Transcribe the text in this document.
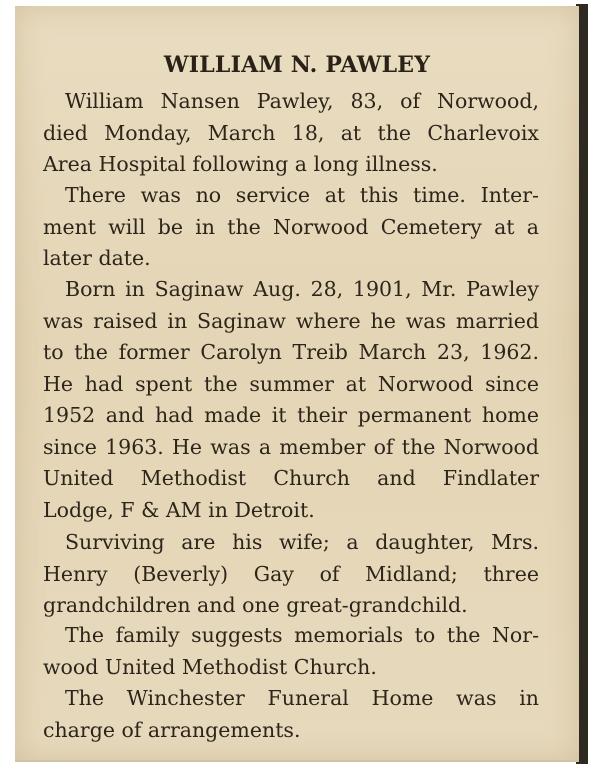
WILLIAM N. PAWLEY

William Nansen Pawley, 83, of Norwood,
died Monday, March 18, at the Charlevoix
Area Hospital following a long illness.

There was no service at this time. Inter-
ment will be in the Norwood Cemetery at a
later date.

Born in Saginaw Aug. 28, 1901, Mr. Pawley
was raised in Saginaw where he was married
to the former Carolyn Treib March 23, 1962.
He had spent the summer at Norwood since
1952 and had made it their permanent home
since 1963. He was a member of the Norwood
United Methodist Church and Findlater
Lodge, F & AM in Detroit.

Surviving are his wife; a daughter, Mrs.
Henry (Beverly) Gay of Midland; three
grandchildren and one great-grandchild.

The family suggests memorials to the Nor-
wood United Methodist Church.

The Winchester Funeral Home was in
charge of arrangements.
